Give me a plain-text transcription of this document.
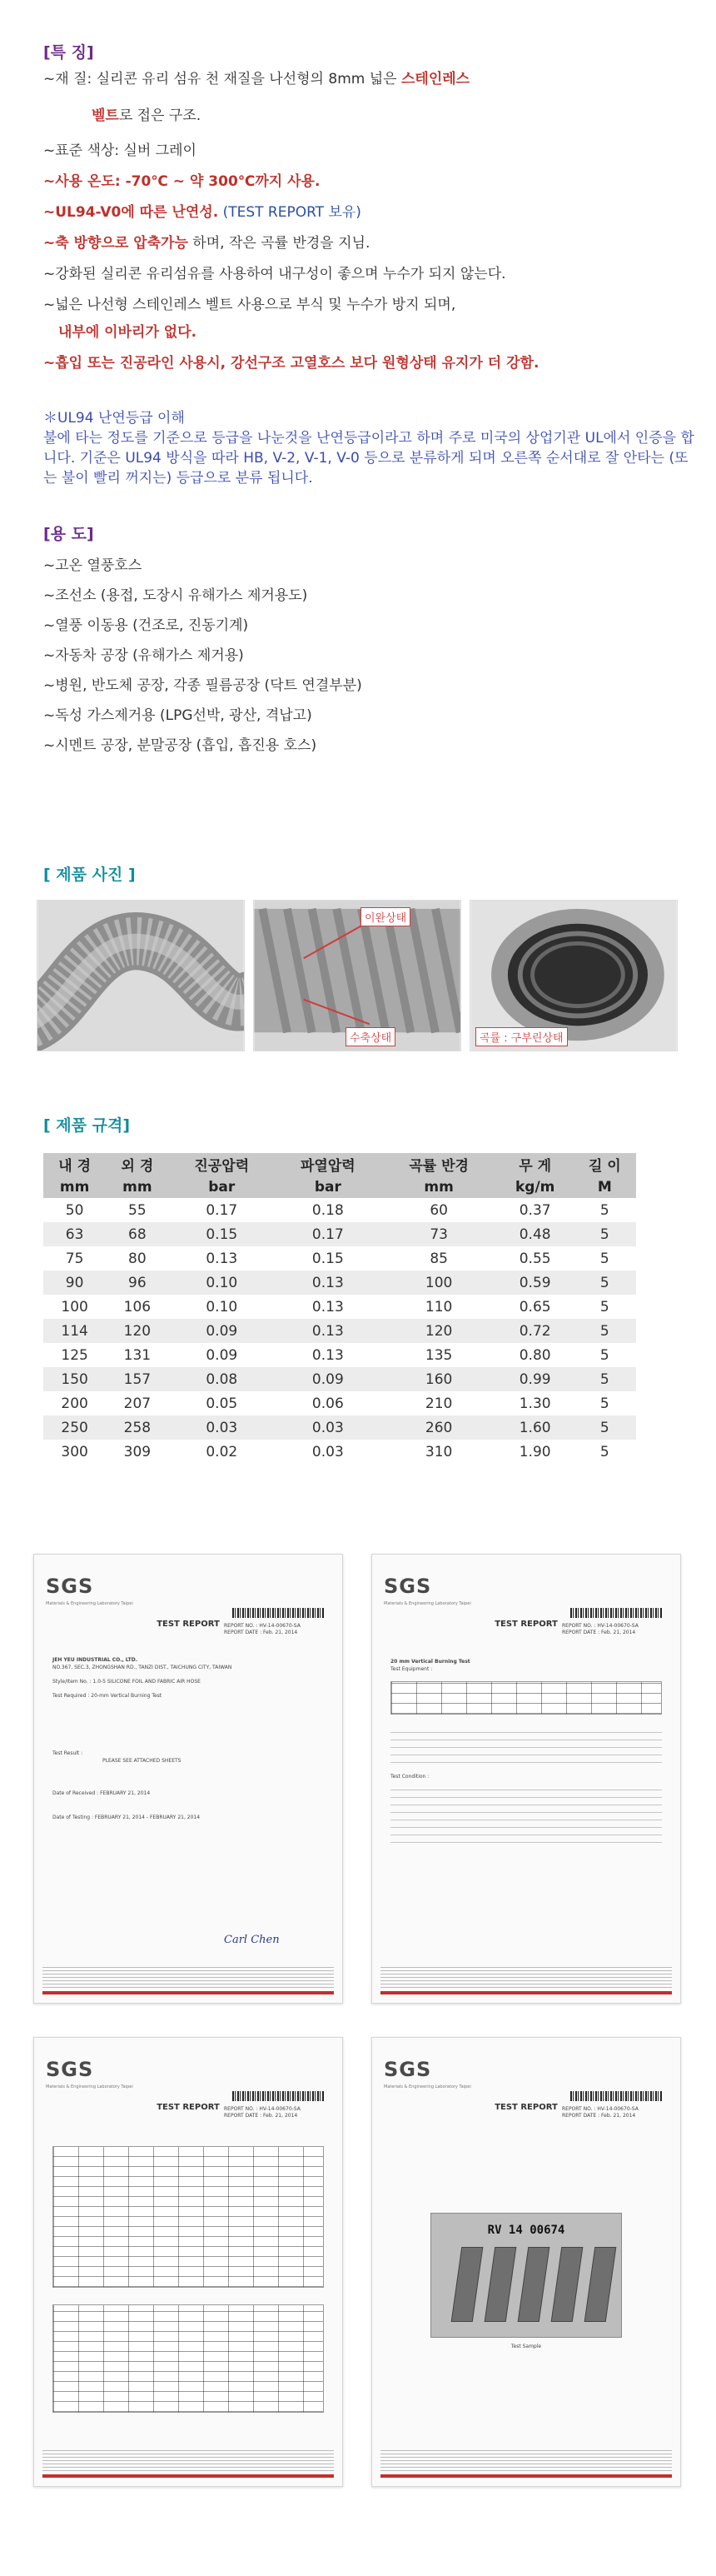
[특 징]
~재 질: 실리콘 유리 섬유 천 재질을 나선형의 8mm 넓은 스테인레스
벨트로 접은 구조.
~표준 색상: 실버 그레이
~사용 온도: -70℃ ~ 약 300℃까지 사용.
~UL94-V0에 따른 난연성. (TEST REPORT 보유)
~축 방향으로 압축가능 하며, 작은 곡률 반경을 지님.
~강화된 실리콘 유리섬유를 사용하여 내구성이 좋으며 누수가 되지 않는다.
~넓은 나선형 스테인레스 벨트 사용으로 부식 및 누수가 방지 되며,
내부에 이바리가 없다.
~흡입 또는 진공라인 사용시, 강선구조 고열호스 보다 원형상태 유지가 더 강함.
＊UL94 난연등급 이해
불에 타는 정도를 기준으로 등급을 나눈것을 난연등급이라고 하며 주로 미국의 상업기관 UL에서 인증을 합니다. 기준은 UL94 방식을 따라 HB, V-2, V-1, V-0 등으로 분류하게 되며 오른쪽 순서대로 잘 안타는 (또는 불이 빨리 꺼지는) 등급으로 분류 됩니다.
[용 도]
~고온 열풍호스
~조선소 (용접, 도장시 유해가스 제거용도)
~열풍 이동용 (건조로, 진동기계)
~자동차 공장 (유해가스 제거용)
~병원, 반도체 공장, 각종 필름공장 (닥트 연결부분)
~독성 가스제거용 (LPG선박, 광산, 격납고)
~시멘트 공장, 분말공장 (흡입, 흡진용 호스)
[ 제품 사진 ]
이완상태
수축상태	곡률 : 구부린상태
[ 제품 규격]
내 경	외 경	진공압력	파열압력	곡률 반경	무 게	길 이
mm	mm	bar	bar	mm	kg/m	M
50	55	0.17	0.18	60	0.37	5
63	68	0.15	0.17	73	0.48	5
75	80	0.13	0.15	85	0.55	5
90	96	0.10	0.13	100	0.59	5
100	106	0.10	0.13	110	0.65	5
114	120	0.09	0.13	120	0.72	5
125	131	0.09	0.13	135	0.80	5
150	157	0.08	0.09	160	0.99	5
200	207	0.05	0.06	210	1.30	5
250	258	0.03	0.03	260	1.60	5
300	309	0.02	0.03	310	1.90	5
SGS
Materials & Engineering Laboratory Taipei
TEST REPORT REPORT NO. : HV-14-00670-SA
REPORT DATE : Feb. 21, 2014
JEH YEU INDUSTRIAL CO., LTD.
NO.367, SEC.3, ZHONGSHAN RD., TANZI DIST., TAICHUNG CITY, TAIWAN
Style/Item No. : 1.0-5 SILICONE FOIL AND FABRIC AIR HOSE
Test Required : 20-mm Vertical Burning Test
Test Result :
PLEASE SEE ATTACHED SHEETS
Date of Received : FEBRUARY 21, 2014
Date of Testing : FEBRUARY 21, 2014 - FEBRUARY 21, 2014
Carl Chen
SGS
Materials & Engineering Laboratory Taipei
TEST REPORT REPORT NO. : HV-14-00670-SA
REPORT DATE : Feb. 21, 2014
20 mm Vertical Burning Test
Test Equipment :
Test Condition :
SGS
Materials & Engineering Laboratory Taipei
TEST REPORT REPORT NO. : HV-14-00670-SA
REPORT DATE : Feb. 21, 2014
SGS
Materials & Engineering Laboratory Taipei
TEST REPORT REPORT NO. : HV-14-00670-SA
REPORT DATE : Feb. 21, 2014
RV 14 00674
Test Sample
